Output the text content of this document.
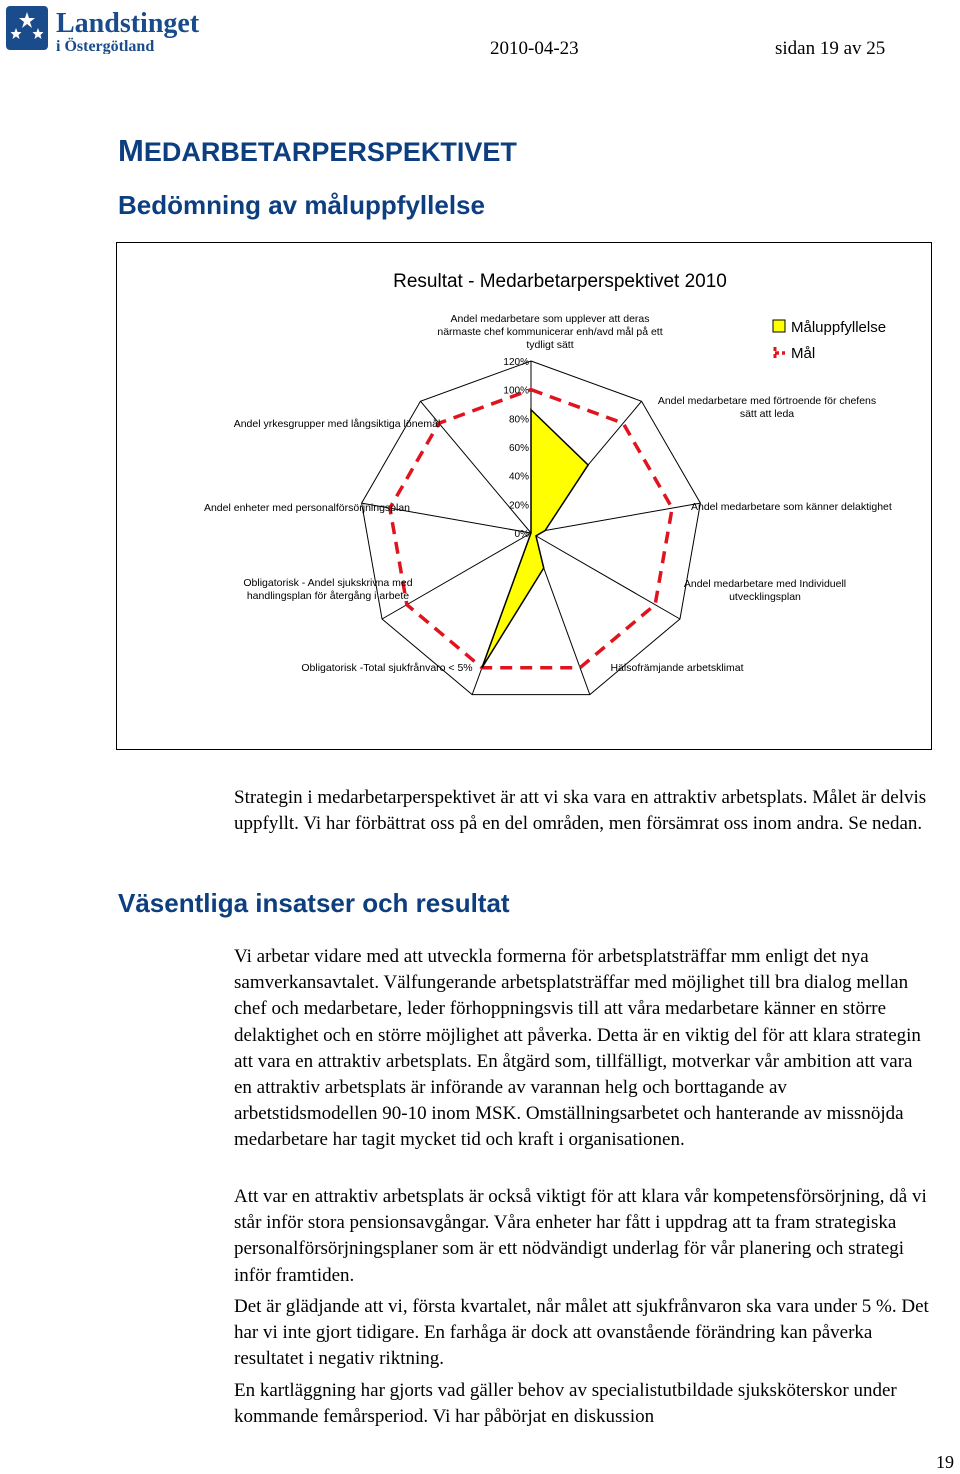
Landstinget
i Östergötland	2010-04-23	sidan 19 av 25
MEDARBETARPERSPEKTIVET
Bedömning av måluppfyllelse
Resultat - Medarbetarperspektivet 2010
0%
20%
40%
60%
80%
100%
120%
Andel medarbetare som upplever att deras
närmaste chef kommunicerar enh/avd mål på ett
tydligt sätt
Andel medarbetare med förtroende för chefens
sätt att leda
Andel medarbetare som känner delaktighet
Andel medarbetare med Individuell
utvecklingsplan
Hälsofrämjande arbetsklimat
Obligatorisk -Total sjukfrånvaro < 5%
Obligatorisk - Andel sjukskrivna med
handlingsplan för återgång i arbete
Andel enheter med personalförsörjningsplan
Andel yrkesgrupper med långsiktiga lönemål
Måluppfyllelse
Mål

Strategin i medarbetarperspektivet är att vi ska vara en attraktiv arbetsplats. Målet är delvis uppfyllt. Vi har förbättrat oss på en del områden, men försämrat oss inom andra. Se nedan.

Väsentliga insatser och resultat

Vi arbetar vidare med att utveckla formerna för arbetsplatsträffar mm enligt det nya samverkansavtalet. Välfungerande arbetsplatsträffar med möjlighet till bra dialog mellan chef och medarbetare, leder förhoppningsvis till att våra medarbetare känner en större delaktighet och en större möjlighet att påverka. Detta är en viktig del för att klara strategin att vara en attraktiv arbetsplats. En åtgärd som, tillfälligt, motverkar vår ambition att vara en attraktiv arbetsplats är införande av varannan helg och borttagande av arbetstidsmodellen 90-10 inom MSK. Omställningsarbetet och hanterande av missnöjda medarbetare har tagit mycket tid och kraft i organisationen.

Att var en attraktiv arbetsplats är också viktigt för att klara vår kompetensförsörjning, då vi står inför stora pensionsavgångar. Våra enheter har fått i uppdrag att ta fram strategiska personalförsörjningsplaner som är ett nödvändigt underlag för vår planering och strategi inför framtiden.

Det är glädjande att vi, första kvartalet, når målet att sjukfrånvaron ska vara under 5 %. Det har vi inte gjort tidigare. En farhåga är dock att ovanstående förändring kan påverka resultatet i negativ riktning.

En kartläggning har gjorts vad gäller behov av specialistutbildade sjuksköterskor under kommande femårsperiod. Vi har påbörjat en diskussion

19
